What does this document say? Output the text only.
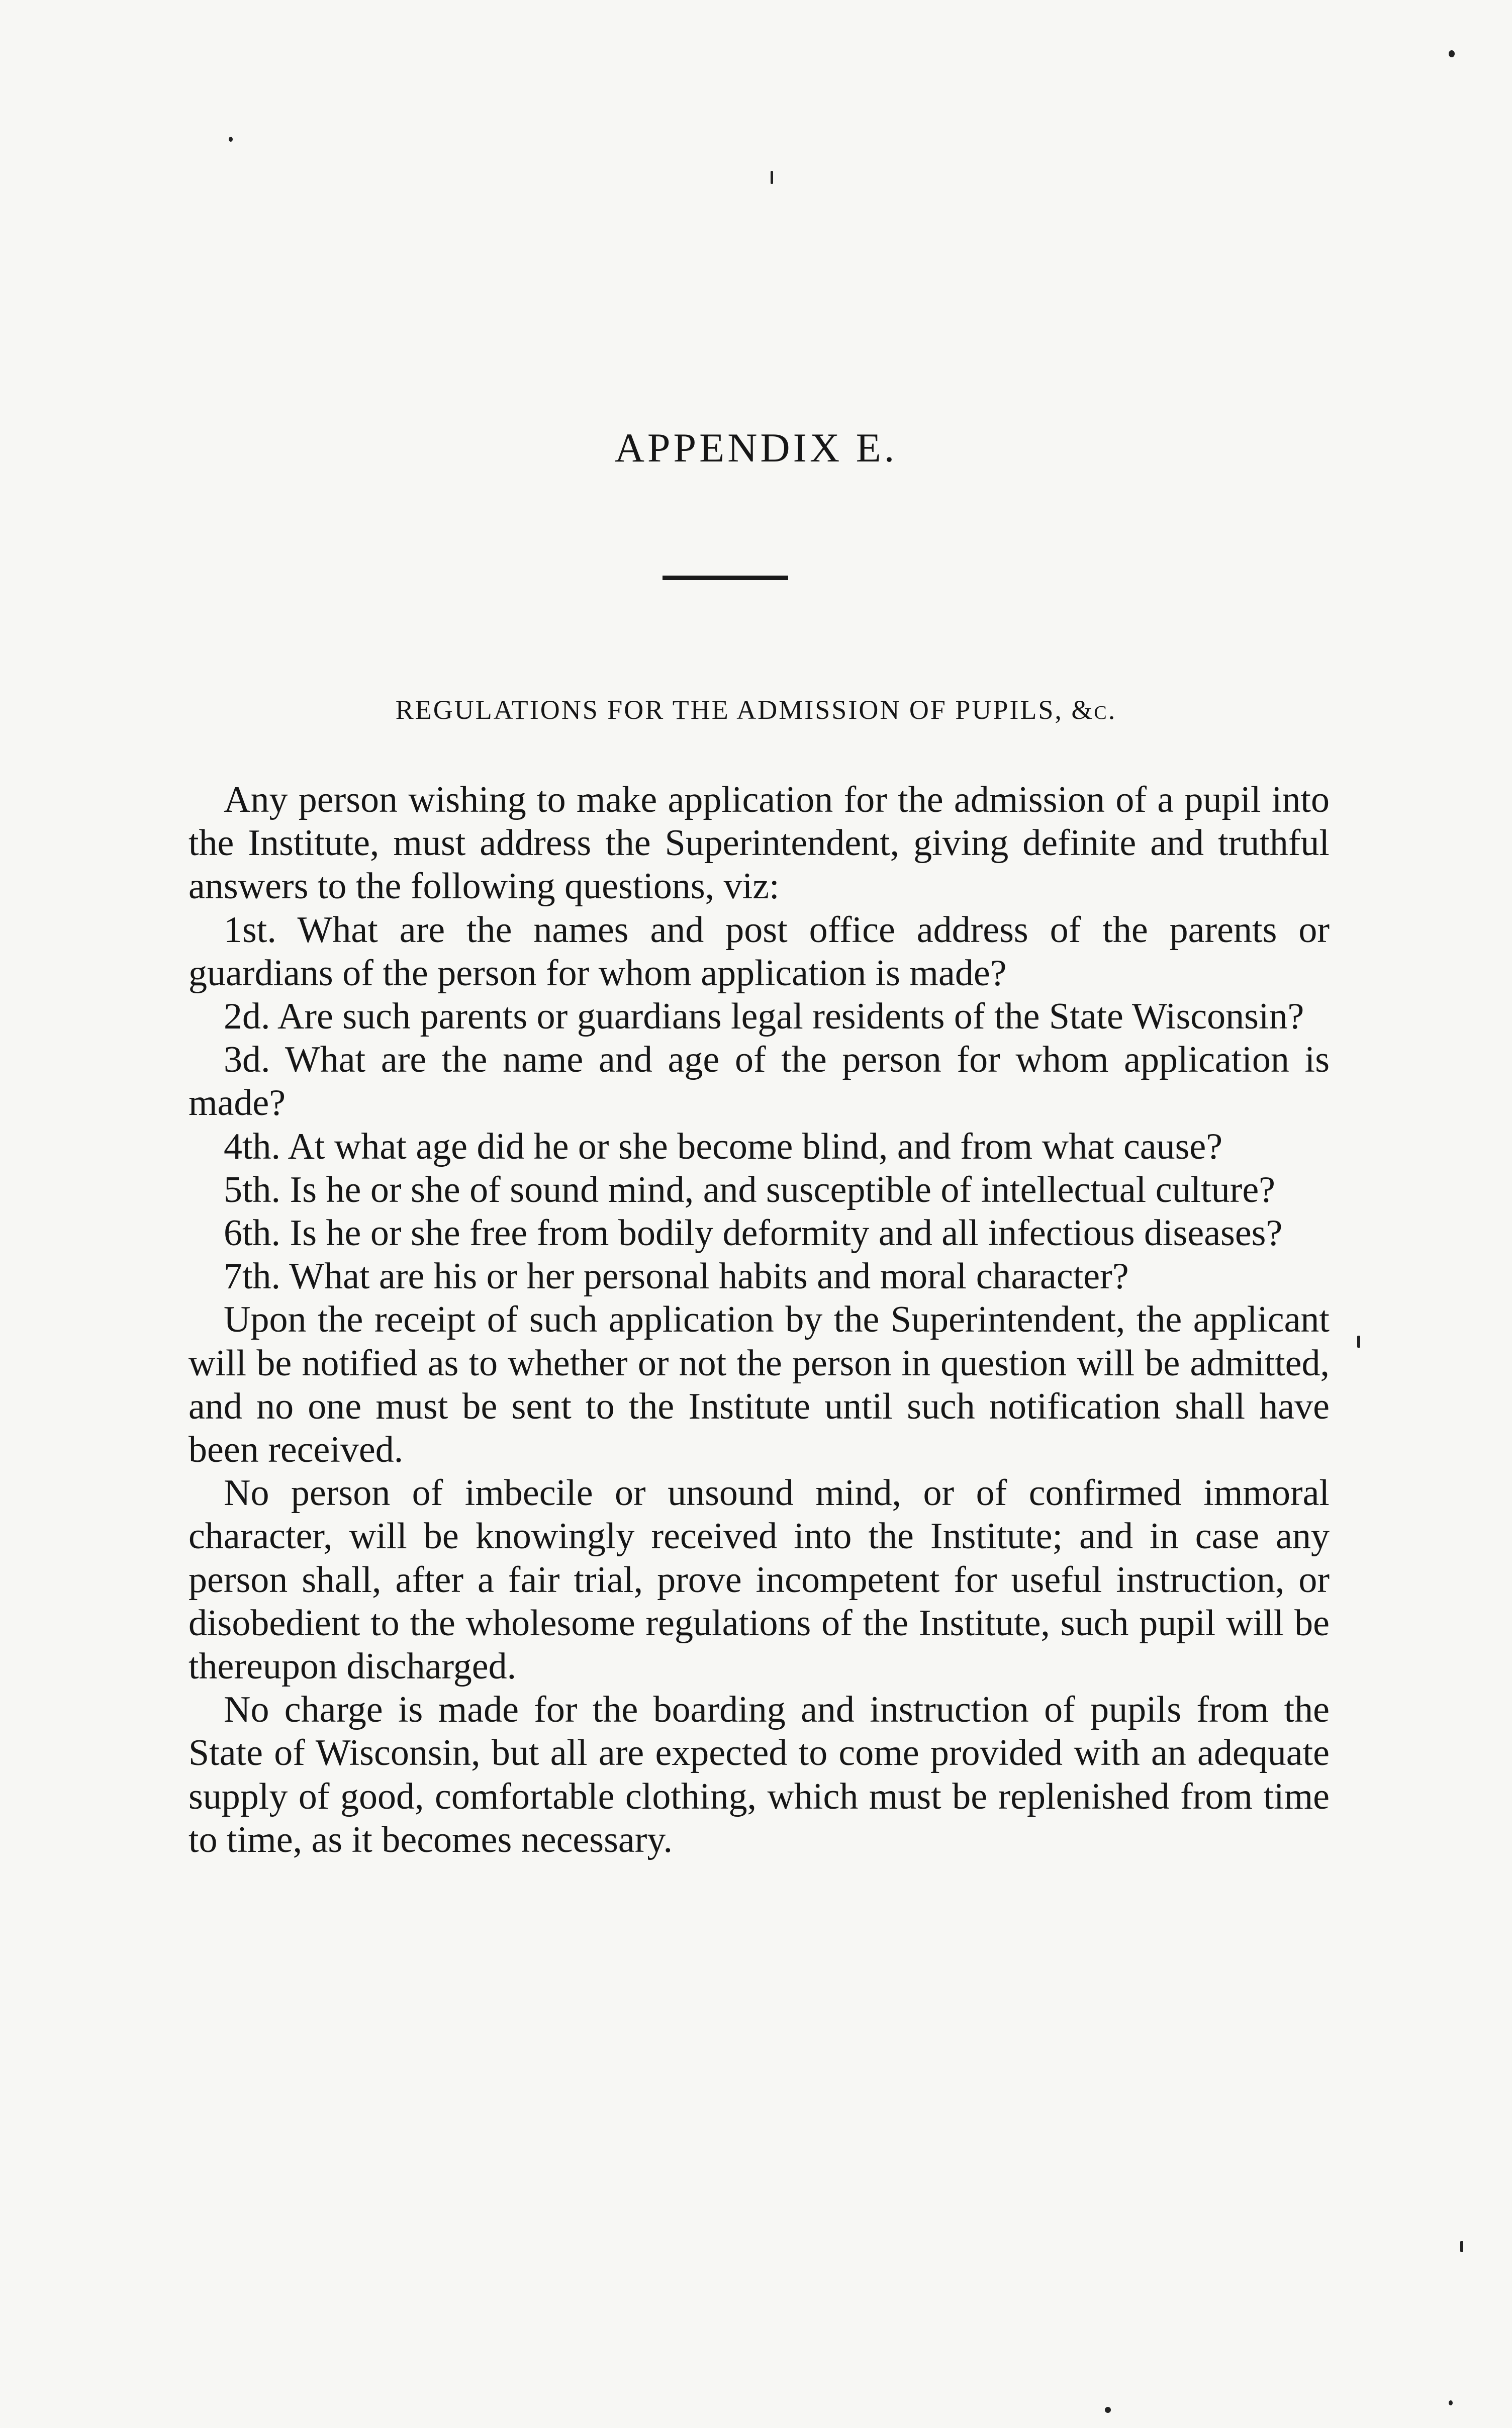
APPENDIX E.
REGULATIONS FOR THE ADMISSION OF PUPILS, &c.

Any person wishing to make application for the admission of a pupil into the Institute, must address the Superintendent, giving definite and truthful answers to the following questions, viz:

1st. What are the names and post office address of the parents or guardians of the person for whom application is made?

2d. Are such parents or guardians legal residents of the State Wisconsin?

3d. What are the name and age of the person for whom application is made?

4th. At what age did he or she become blind, and from what cause?

5th. Is he or she of sound mind, and susceptible of intellectual culture?

6th. Is he or she free from bodily deformity and all infectious diseases?

7th. What are his or her personal habits and moral character?

Upon the receipt of such application by the Superintendent, the applicant will be notified as to whether or not the person in question will be admitted, and no one must be sent to the Institute until such notification shall have been received.

No person of imbecile or unsound mind, or of confirmed immoral character, will be knowingly received into the Institute; and in case any person shall, after a fair trial, prove incompetent for useful instruction, or disobedient to the wholesome regulations of the Institute, such pupil will be thereupon discharged.

No charge is made for the boarding and instruction of pupils from the State of Wisconsin, but all are expected to come provided with an adequate supply of good, comfortable clothing, which must be replenished from time to time, as it becomes necessary.
